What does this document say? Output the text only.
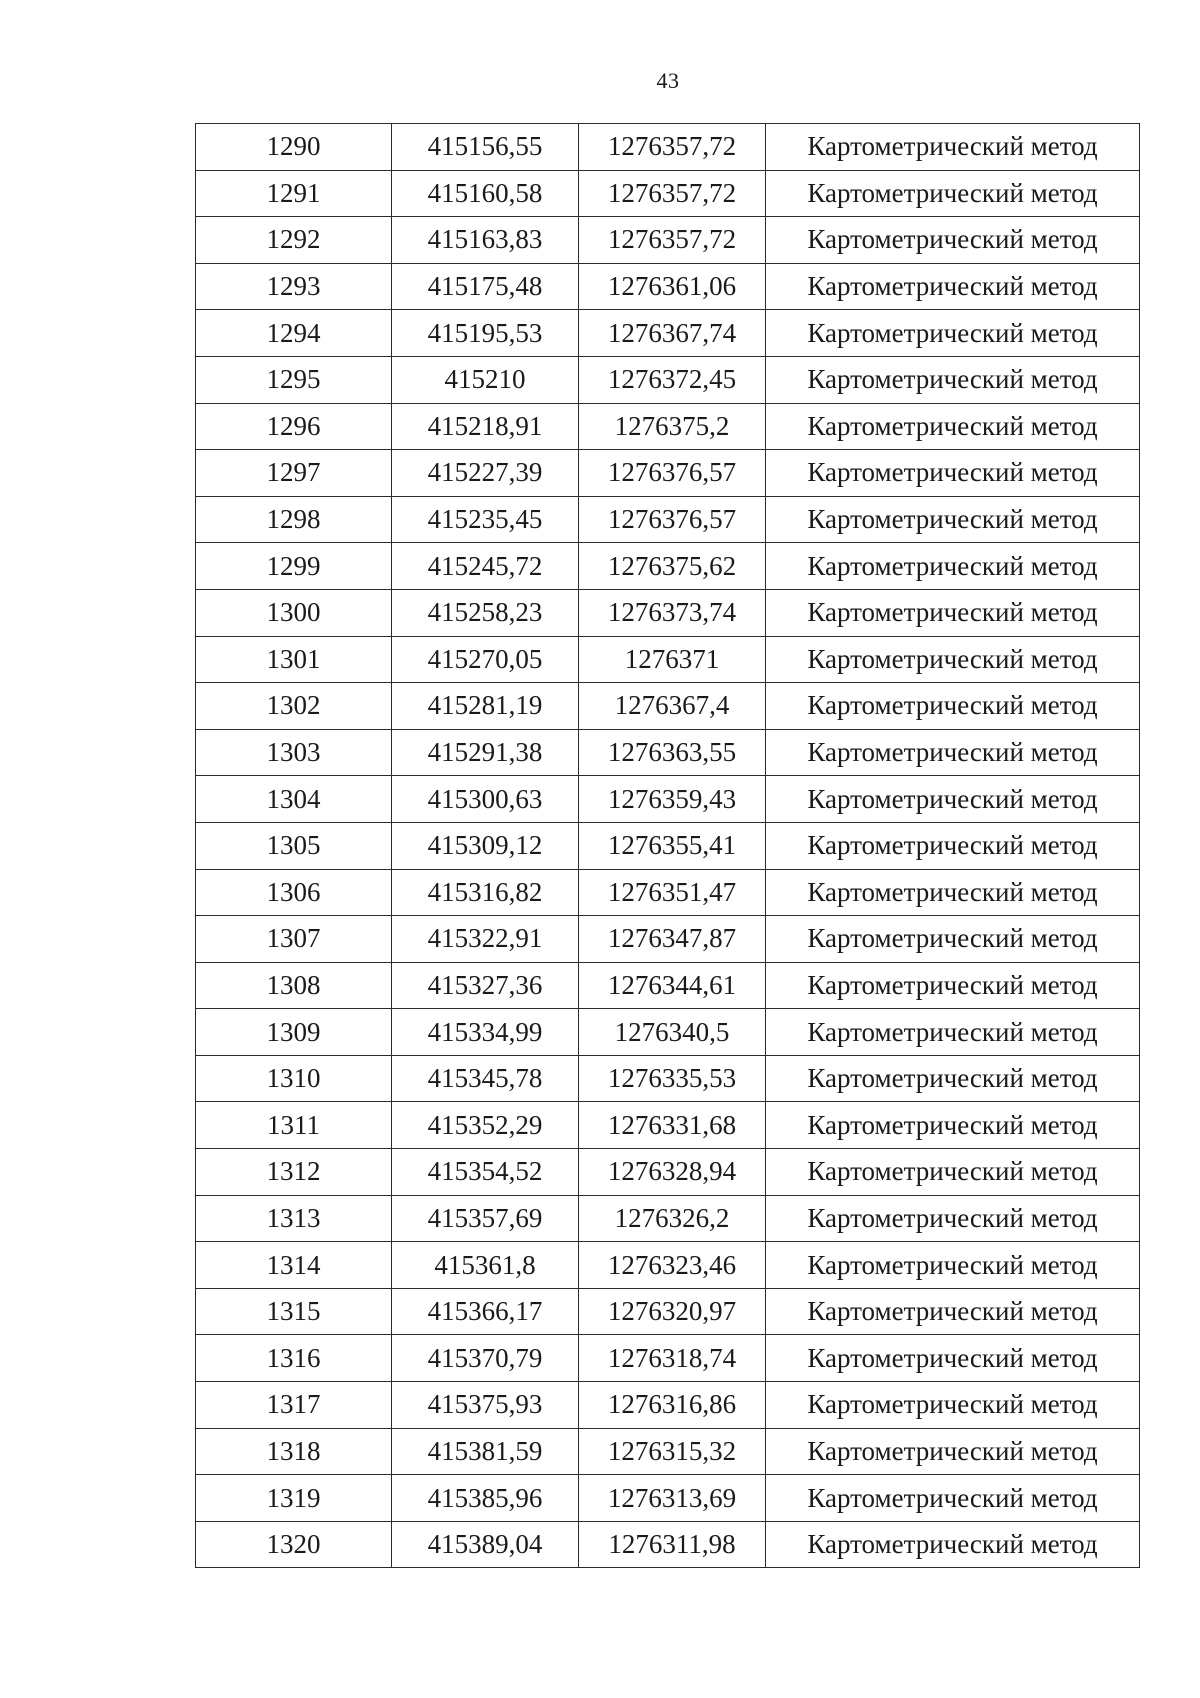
43
1290	415156,55	1276357,72	Картометрический метод
1291	415160,58	1276357,72	Картометрический метод
1292	415163,83	1276357,72	Картометрический метод
1293	415175,48	1276361,06	Картометрический метод
1294	415195,53	1276367,74	Картометрический метод
1295	415210	1276372,45	Картометрический метод
1296	415218,91	1276375,2	Картометрический метод
1297	415227,39	1276376,57	Картометрический метод
1298	415235,45	1276376,57	Картометрический метод
1299	415245,72	1276375,62	Картометрический метод
1300	415258,23	1276373,74	Картометрический метод
1301	415270,05	1276371	Картометрический метод
1302	415281,19	1276367,4	Картометрический метод
1303	415291,38	1276363,55	Картометрический метод
1304	415300,63	1276359,43	Картометрический метод
1305	415309,12	1276355,41	Картометрический метод
1306	415316,82	1276351,47	Картометрический метод
1307	415322,91	1276347,87	Картометрический метод
1308	415327,36	1276344,61	Картометрический метод
1309	415334,99	1276340,5	Картометрический метод
1310	415345,78	1276335,53	Картометрический метод
1311	415352,29	1276331,68	Картометрический метод
1312	415354,52	1276328,94	Картометрический метод
1313	415357,69	1276326,2	Картометрический метод
1314	415361,8	1276323,46	Картометрический метод
1315	415366,17	1276320,97	Картометрический метод
1316	415370,79	1276318,74	Картометрический метод
1317	415375,93	1276316,86	Картометрический метод
1318	415381,59	1276315,32	Картометрический метод
1319	415385,96	1276313,69	Картометрический метод
1320	415389,04	1276311,98	Картометрический метод
